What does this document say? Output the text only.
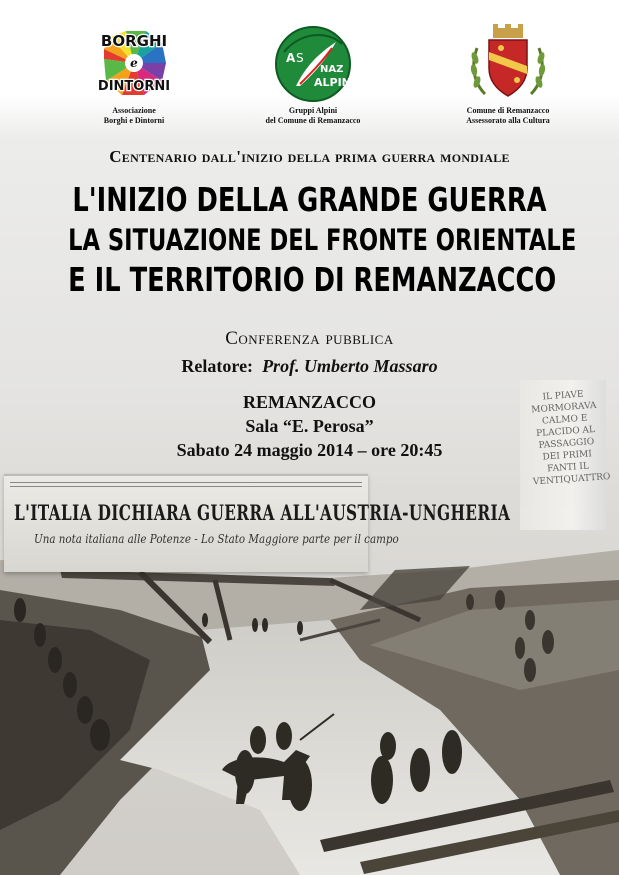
BORGHI
e
DINTORNI
Associazione
Borghi e Dintorni
A S
NAZ
ALPINI
Gruppi Alpini
del Comune di Remanzacco
Comune di Remanzacco
Assessorato alla Cultura
Centenario dall'inizio della prima guerra mondiale
L'INIZIO DELLA GRANDE GUERRA
LA SITUAZIONE DEL FRONTE ORIENTALE
E IL TERRITORIO DI REMANZACCO
Conferenza pubblica
Relatore: Prof. Umberto Massaro
REMANZACCO
Sala “E. Perosa”
Sabato 24 maggio 2014 – ore 20:45
IL PIAVE MORMORAVA CALMO E PLACIDO AL PASSAGGIO DEI PRIMI FANTI IL VENTIQUATTRO
L'ITALIA DICHIARA GUERRA ALL'AUSTRIA-UNGHERIA
Una nota italiana alle Potenze - Lo Stato Maggiore parte per il campo
